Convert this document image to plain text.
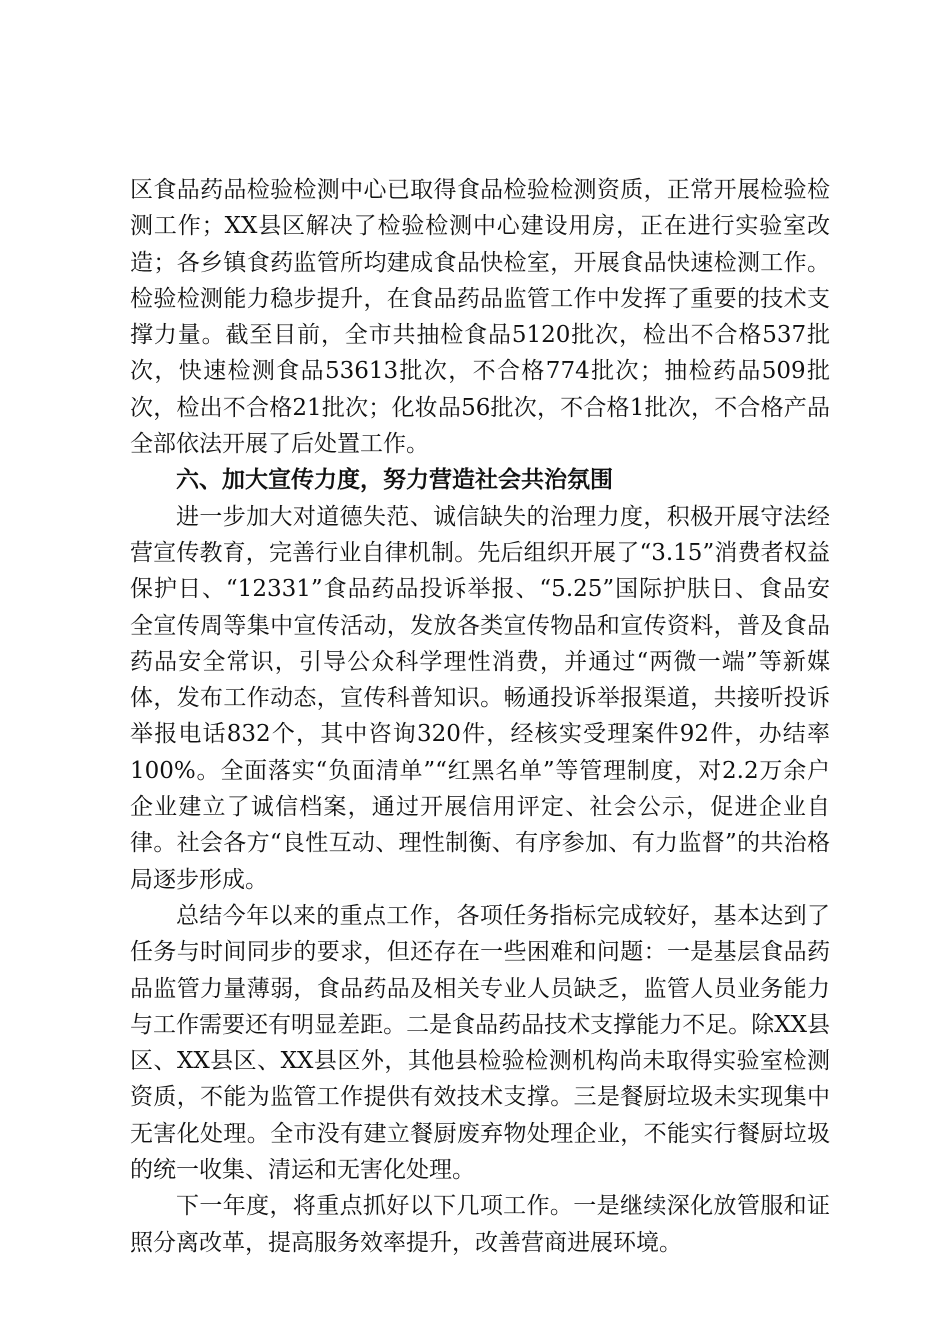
区食品药品检验检测中心已取得食品检验检测资质，正常开展检验检测工作；XX县区解决了检验检测中心建设用房，正在进行实验室改造；各乡镇食药监管所均建成食品快检室，开展食品快速检测工作。检验检测能力稳步提升，在食品药品监管工作中发挥了重要的技术支撑力量。截至目前，全市共抽检食品5120批次，检出不合格537批次，快速检测食品53613批次，不合格774批次；抽检药品509批次，检出不合格21批次；化妆品56批次，不合格1批次，不合格产品全部依法开展了后处置工作。

六、加大宣传力度，努力营造社会共治氛围

进一步加大对道德失范、诚信缺失的治理力度，积极开展守法经营宣传教育，完善行业自律机制。先后组织开展了“3.15”消费者权益保护日、“12331”食品药品投诉举报、“5.25”国际护肤日、食品安全宣传周等集中宣传活动，发放各类宣传物品和宣传资料，普及食品药品安全常识，引导公众科学理性消费，并通过“两微一端”等新媒体，发布工作动态，宣传科普知识。畅通投诉举报渠道，共接听投诉举报电话832个，其中咨询320件，经核实受理案件92件，办结率100%。全面落实“负面清单”“红黑名单”等管理制度，对2.2万余户企业建立了诚信档案，通过开展信用评定、社会公示，促进企业自律。社会各方“良性互动、理性制衡、有序参加、有力监督”的共治格局逐步形成。

总结今年以来的重点工作，各项任务指标完成较好，基本达到了任务与时间同步的要求，但还存在一些困难和问题：一是基层食品药品监管力量薄弱，食品药品及相关专业人员缺乏，监管人员业务能力与工作需要还有明显差距。二是食品药品技术支撑能力不足。除XX县区、XX县区、XX县区外，其他县检验检测机构尚未取得实验室检测资质，不能为监管工作提供有效技术支撑。三是餐厨垃圾未实现集中无害化处理。全市没有建立餐厨废弃物处理企业，不能实行餐厨垃圾的统一收集、清运和无害化处理。

下一年度，将重点抓好以下几项工作。一是继续深化放管服和证照分离改革，提高服务效率提升，改善营商进展环境。
